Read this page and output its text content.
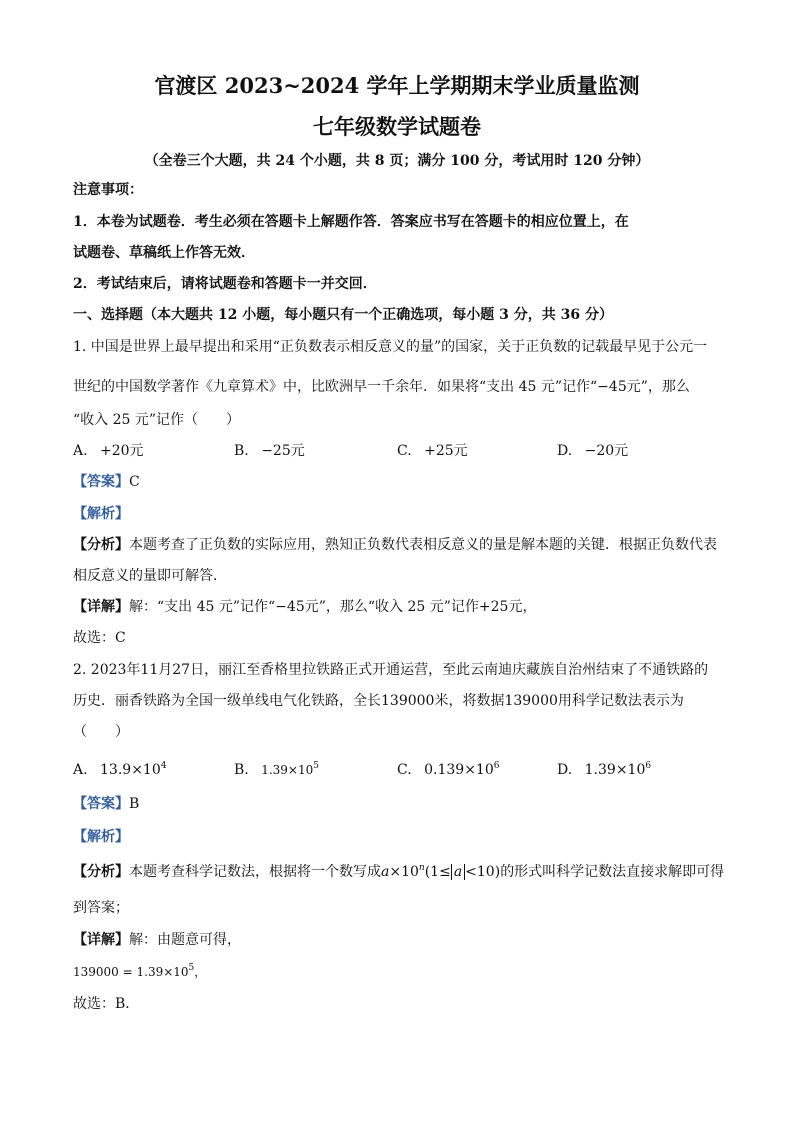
官渡区 2023~2024 学年上学期期末学业质量监测
七年级数学试题卷
（全卷三个大题，共 24 个小题，共 8 页；满分 100 分，考试用时 120 分钟）
注意事项：
1．本卷为试题卷．考生必须在答题卡上解题作答．答案应书写在答题卡的相应位置上，在
试题卷、草稿纸上作答无效．
2．考试结束后，请将试题卷和答题卡一并交回．
一、选择题（本大题共 12 小题，每小题只有一个正确选项，每小题 3 分，共 36 分）
1. 中国是世界上最早提出和采用“正负数表示相反意义的量”的国家，关于正负数的记载最早见于公元一
世纪的中国数学著作《九章算术》中，比欧洲早一千余年．如果将“支出 45 元”记作“−45元”，那么
“收入 25 元”记作（　　）
A. +20元	B. −25元	C. +25元	D. −20元
【答案】C
【解析】
【分析】本题考查了正负数的实际应用，熟知正负数代表相反意义的量是解本题的关键．根据正负数代表
相反意义的量即可解答．
【详解】解：“支出 45 元”记作“−45元”，那么“收入 25 元”记作+25元，
故选：C
2. 2023年11月27日，丽江至香格里拉铁路正式开通运营，至此云南迪庆藏族自治州结束了不通铁路的
历史．丽香铁路为全国一级单线电气化铁路，全长139000米，将数据139000用科学记数法表示为
（　　）
A. $13.9\times 10^4$	B. $1.39\times 10^5$	C. $0.139\times 10^6$	D. $1.39\times 10^6$
【答案】B
【解析】
【分析】本题考查科学记数法，根据将一个数写成$a\times 10^n(1\le a <10)$的形式叫科学记数法直接求解即可得
到答案；
【详解】解：由题意可得，
$139000 = 1.39\times 10^5$，
故选：B．
